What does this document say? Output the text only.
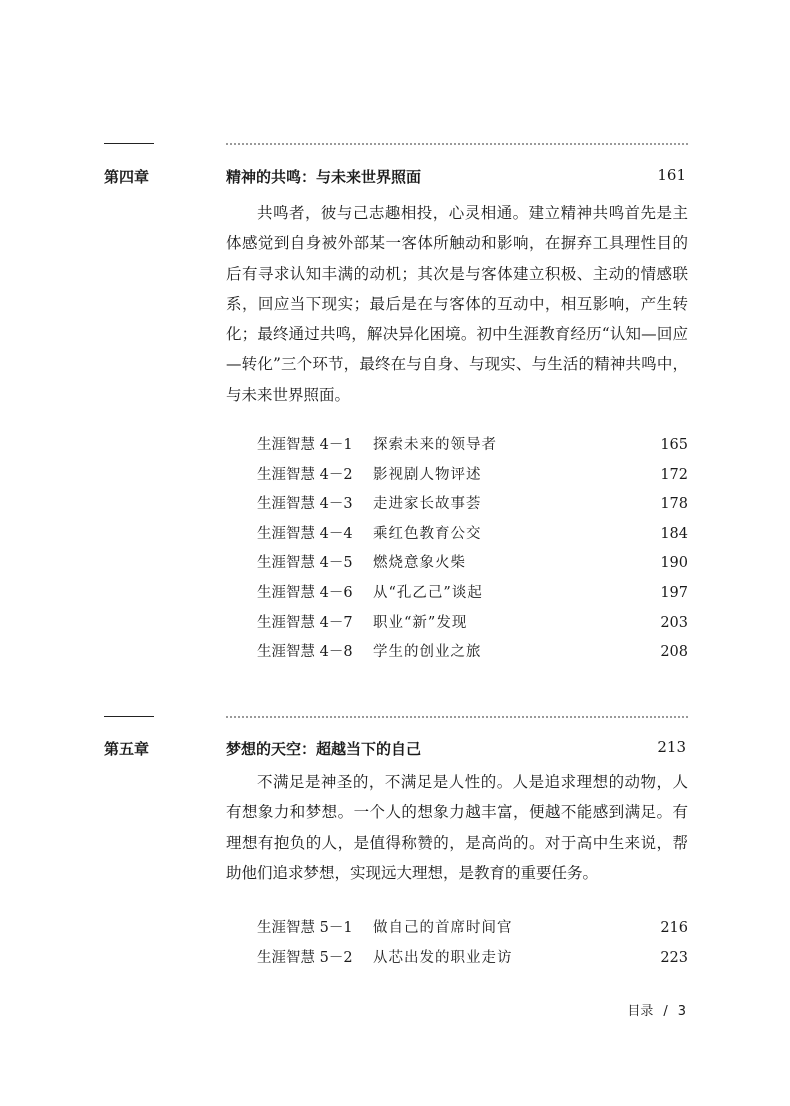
第四章	精神的共鸣：与未来世界照面	161

共鸣者，彼与己志趣相投，心灵相通。建立精神共鸣首先是主体感觉到自身被外部某一客体所触动和影响，在摒弃工具理性目的后有寻求认知丰满的动机；其次是与客体建立积极、主动的情感联系，回应当下现实；最后是在与客体的互动中，相互影响，产生转化；最终通过共鸣，解决异化困境。初中生涯教育经历“认知—回应—转化”三个环节，最终在与自身、与现实、与生活的精神共鸣中，与未来世界照面。

生涯智慧 4－1	探索未来的领导者	165
生涯智慧 4－2	影视剧人物评述	172
生涯智慧 4－3	走进家长故事荟	178
生涯智慧 4－4	乘红色教育公交	184
生涯智慧 4－5	燃烧意象火柴	190
生涯智慧 4－6	从“孔乙己”谈起	197
生涯智慧 4－7	职业“新”发现	203
生涯智慧 4－8	学生的创业之旅	208
第五章	梦想的天空：超越当下的自己	213

不满足是神圣的，不满足是人性的。人是追求理想的动物，人有想象力和梦想。一个人的想象力越丰富，便越不能感到满足。有理想有抱负的人，是值得称赞的，是高尚的。对于高中生来说，帮助他们追求梦想，实现远大理想，是教育的重要任务。

生涯智慧 5－1	做自己的首席时间官	216
生涯智慧 5－2	从芯出发的职业走访	223
目录 / 3
